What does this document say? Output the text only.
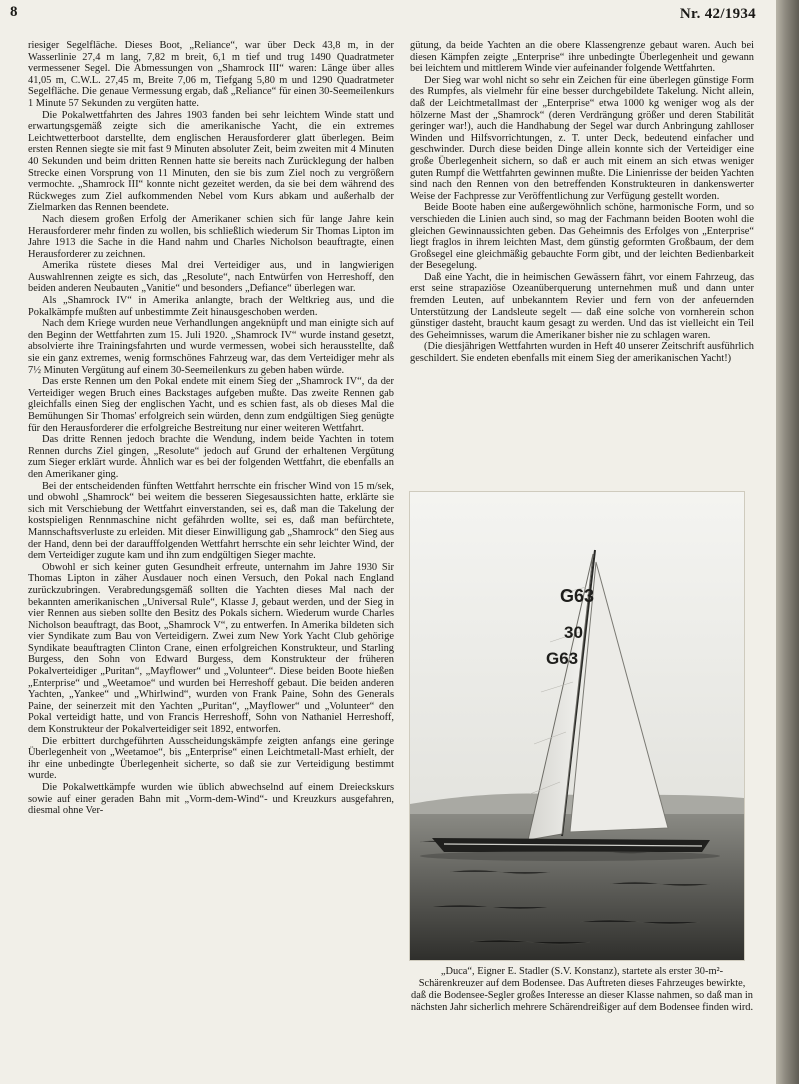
8	Nr. 42/1934

riesiger Segelfläche. Dieses Boot, „Reliance“, war über Deck 43,8 m, in der Wasserlinie 27,4 m lang, 7,82 m breit, 6,1 m tief und trug 1490 Quadratmeter vermessener Segel. Die Abmessungen von „Shamrock III“ waren: Länge über alles 41,05 m, C.W.L. 27,45 m, Breite 7,06 m, Tiefgang 5,80 m und 1290 Quadratmeter Segelfläche. Die genaue Vermessung ergab, daß „Reliance“ für einen 30-Seemeilenkurs 1 Minute 57 Sekunden zu vergüten hatte.

Die Pokalwettfahrten des Jahres 1903 fanden bei sehr leichtem Winde statt und erwartungsgemäß zeigte sich die amerikanische Yacht, die ein extremes Leichtwetterboot darstellte, dem englischen Herausforderer glatt überlegen. Beim ersten Rennen siegte sie mit fast 9 Minuten absoluter Zeit, beim zweiten mit 4 Minuten 40 Sekunden und beim dritten Rennen hatte sie bereits nach Zurücklegung der halben Strecke einen Vorsprung von 11 Minuten, den sie bis zum Ziel noch zu vergrößern vermochte. „Shamrock III“ konnte nicht gezeitet werden, da sie bei dem während des Rückweges zum Ziel aufkommenden Nebel vom Kurs abkam und außerhalb der Zielmarken das Rennen beendete.

Nach diesem großen Erfolg der Amerikaner schien sich für lange Jahre kein Herausforderer mehr finden zu wollen, bis schließlich wiederum Sir Thomas Lipton im Jahre 1913 die Sache in die Hand nahm und Charles Nicholson beauftragte, einen Herausforderer zu zeichnen.

Amerika rüstete dieses Mal drei Verteidiger aus, und in langwierigen Auswahlrennen zeigte es sich, das „Resolute“, nach Entwürfen von Herreshoff, den beiden anderen Neubauten „Vanitie“ und besonders „Defiance“ überlegen war.

Als „Shamrock IV“ in Amerika anlangte, brach der Weltkrieg aus, und die Pokalkämpfe mußten auf unbestimmte Zeit hinausgeschoben werden.

Nach dem Kriege wurden neue Verhandlungen angeknüpft und man einigte sich auf den Beginn der Wettfahrten zum 15. Juli 1920. „Shamrock IV“ wurde instand gesetzt, absolvierte ihre Trainingsfahrten und wurde vermessen, wobei sich herausstellte, daß sie ein ganz extremes, wenig formschönes Fahrzeug war, das dem Verteidiger mehr als 7½ Minuten Vergütung auf einem 30-Seemeilenkurs zu geben haben würde.

Das erste Rennen um den Pokal endete mit einem Sieg der „Shamrock IV“, da der Verteidiger wegen Bruch eines Backstages aufgeben mußte. Das zweite Rennen gab gleichfalls einen Sieg der englischen Yacht, und es schien fast, als ob dieses Mal die Bemühungen Sir Thomas' erfolgreich sein würden, denn zum endgültigen Sieg genügte für den Herausforderer die erfolgreiche Bestreitung nur einer weiteren Wettfahrt.

Das dritte Rennen jedoch brachte die Wendung, indem beide Yachten in totem Rennen durchs Ziel gingen, „Resolute“ jedoch auf Grund der erhaltenen Vergütung zum Sieger erklärt wurde. Ähnlich war es bei der folgenden Wettfahrt, die ebenfalls an den Amerikaner ging.

Bei der entscheidenden fünften Wettfahrt herrschte ein frischer Wind von 15 m/sek, und obwohl „Shamrock“ bei weitem die besseren Siegesaussichten hatte, erklärte sie sich mit Verschiebung der Wettfahrt einverstanden, sei es, daß man die Takelung der kostspieligen Rennmaschine nicht gefährden wollte, sei es, daß man befürchtete, Mannschaftsverluste zu erleiden. Mit dieser Einwilligung gab „Shamrock“ den Sieg aus der Hand, denn bei der daraufffolgenden Wettfahrt herrschte ein sehr leichter Wind, der dem Verteidiger zugute kam und ihn zum endgültigen Sieger machte.

Obwohl er sich keiner guten Gesundheit erfreute, unternahm im Jahre 1930 Sir Thomas Lipton in zäher Ausdauer noch einen Versuch, den Pokal nach England zurückzubringen. Verabredungsgemäß sollten die Yachten dieses Mal nach der bekannten amerikanischen „Universal Rule“, Klasse J, gebaut werden, und der Sieg in vier Rennen aus sieben sollte den Besitz des Pokals sichern. Wiederum wurde Charles Nicholson beauftragt, das Boot, „Shamrock V“, zu entwerfen. In Amerika bildeten sich vier Syndikate zum Bau von Verteidigern. Zwei zum New York Yacht Club gehörige Syndikate beauftragten Clinton Crane, einen erfolgreichen Konstrukteur, und Starling Burgess, den Sohn von Edward Burgess, dem Konstrukteur der früheren Pokalverteidiger „Puritan“, „Mayflower“ und „Volunteer“. Diese beiden Boote hießen „Enterprise“ und „Weetamoe“ und wurden bei Herreshoff gebaut. Die beiden anderen Yachten, „Yankee“ und „Whirlwind“, wurden von Frank Paine, Sohn des Generals Paine, der seinerzeit mit den Yachten „Puritan“, „Mayflower“ und „Volunteer“ den Pokal verteidigt hatte, und von Francis Herreshoff, Sohn von Nathaniel Herreshoff, dem Konstrukteur der Pokalverteidiger seit 1892, entworfen.

Die erbittert durchgeführten Ausscheidungskämpfe zeigten anfangs eine geringe Überlegenheit von „Weetamoe“, bis „Enterprise“ einen Leichtmetall-Mast erhielt, der ihr eine unbedingte Überlegenheit sicherte, so daß sie zur Verteidigung bestimmt wurde.

Die Pokalwettkämpfe wurden wie üblich abwechselnd auf einem Dreieckskurs sowie auf einer geraden Bahn mit „Vorm-dem-Wind“- und Kreuzkurs ausgefahren, diesmal ohne Ver-

gütung, da beide Yachten an die obere Klassengrenze gebaut waren. Auch bei diesen Kämpfen zeigte „Enterprise“ ihre unbedingte Überlegenheit und gewann bei leichtem und mittlerem Winde vier aufeinander folgende Wettfahrten.

Der Sieg war wohl nicht so sehr ein Zeichen für eine überlegen günstige Form des Rumpfes, als vielmehr für eine besser durchgebildete Takelung. Nicht allein, daß der Leichtmetallmast der „Enterprise“ etwa 1000 kg weniger wog als der hölzerne Mast der „Shamrock“ (deren Verdrängung größer und deren Stabilität geringer war!), auch die Handhabung der Segel war durch Anbringung zahlloser Winden und Hilfsvorrichtungen, z. T. unter Deck, bedeutend einfacher und geschwinder. Durch diese beiden Dinge allein konnte sich der Verteidiger eine große Überlegenheit sichern, so daß er auch mit einem an sich etwas weniger guten Rumpf die Wettfahrten gewinnen mußte. Die Linienrisse der beiden Yachten sind nach den Rennen von den betreffenden Konstrukteuren in dankenswerter Weise der Fachpresse zur Veröffentlichung zur Verfügung gestellt worden.

Beide Boote haben eine außergewöhnlich schöne, harmonische Form, und so verschieden die Linien auch sind, so mag der Fachmann beiden Booten wohl die gleichen Gewinnaussichten geben. Das Geheimnis des Erfolges von „Enterprise“ liegt fraglos in ihrem leichten Mast, dem günstig geformten Großbaum, der dem Großsegel eine gleichmäßig gebauchte Form gibt, und der leichten Bedienbarkeit der Besegelung.

Daß eine Yacht, die in heimischen Gewässern fährt, vor einem Fahrzeug, das erst seine strapaziöse Ozeanüberquerung unternehmen muß und dann unter fremden Leuten, auf unbekanntem Revier und fern von der anfeuernden Unterstützung der Landsleute segelt — daß eine solche von vornherein schon günstiger dasteht, braucht kaum gesagt zu werden. Und das ist vielleicht ein Teil des Geheimnisses, warum die Amerikaner bisher nie zu schlagen waren.

(Die diesjährigen Wettfahrten wurden in Heft 40 unserer Zeitschrift ausführlich geschildert. Sie endeten ebenfalls mit einem Sieg der amerikanischen Yacht!)

G63
30
G63
„Duca“, Eigner E. Stadler (S.V. Konstanz), startete als erster 30-m²-Schärenkreuzer auf dem Bodensee. Das Auftreten dieses Fahrzeuges bewirkte, daß die Bodensee-Segler großes Interesse an dieser Klasse nahmen, so daß man in nächsten Jahr sicherlich mehrere Schärendreißiger auf dem Bodensee finden wird.
